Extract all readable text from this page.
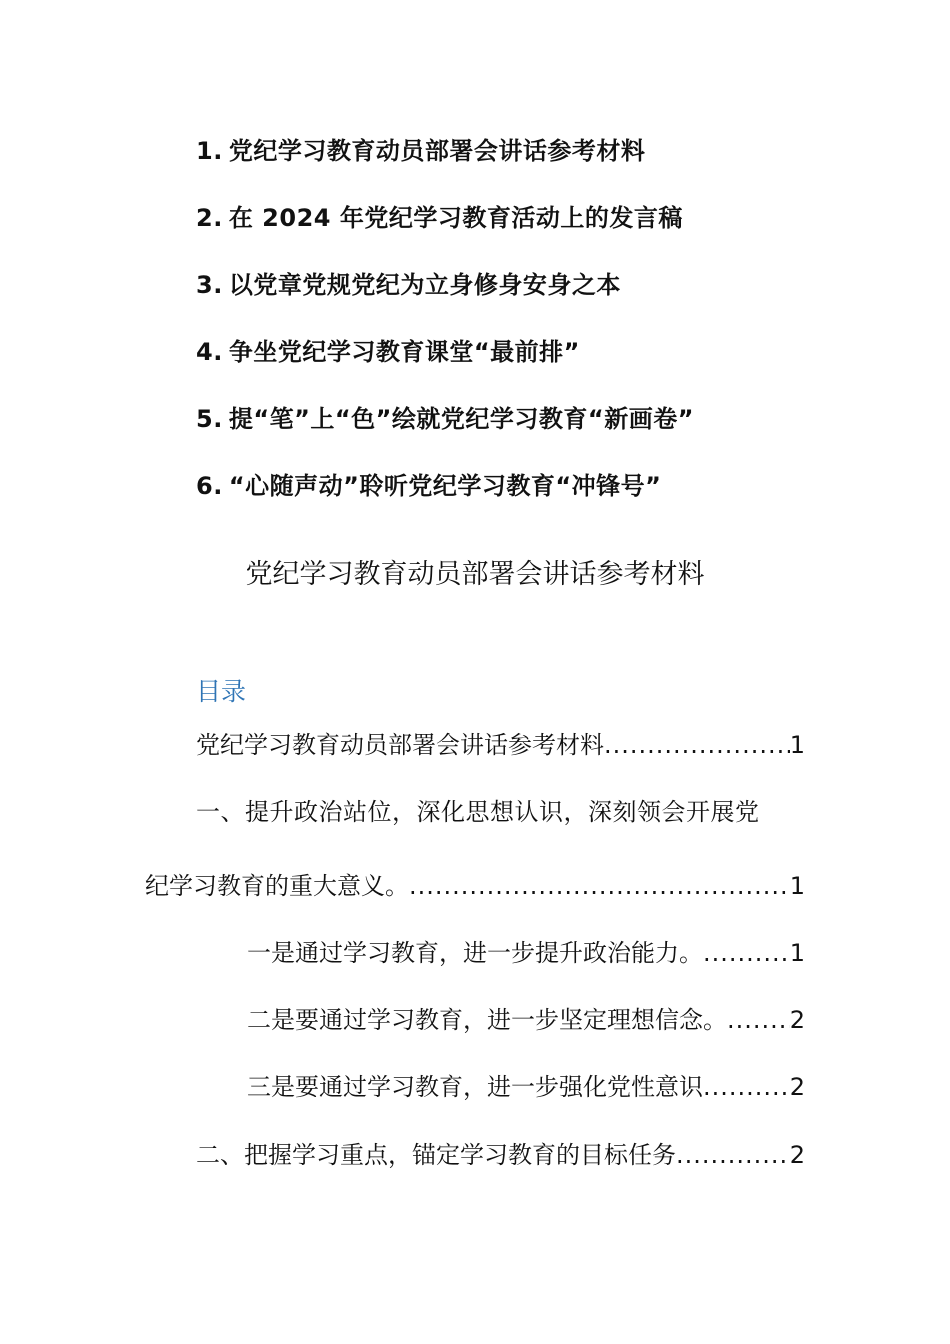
1. 党纪学习教育动员部署会讲话参考材料
2. 在 2024 年党纪学习教育活动上的发言稿
3. 以党章党规党纪为立身修身安身之本
4. 争坐党纪学习教育课堂“最前排”
5. 提“笔”上“色”绘就党纪学习教育“新画卷”
6. “心随声动”聆听党纪学习教育“冲锋号”
党纪学习教育动员部署会讲话参考材料
目录
党纪学习教育动员部署会讲话参考材料 .....	1
一、提升政治站位，深化思想认识，深刻领会开展党
纪学习教育的重大意义。 .....	1
一是通过学习教育，进一步提升政治能力。 .....	1
二是要通过学习教育，进一步坚定理想信念。 .....	2
三是要通过学习教育，进一步强化党性意识 .....	2
二、把握学习重点，锚定学习教育的目标任务 .....	2
